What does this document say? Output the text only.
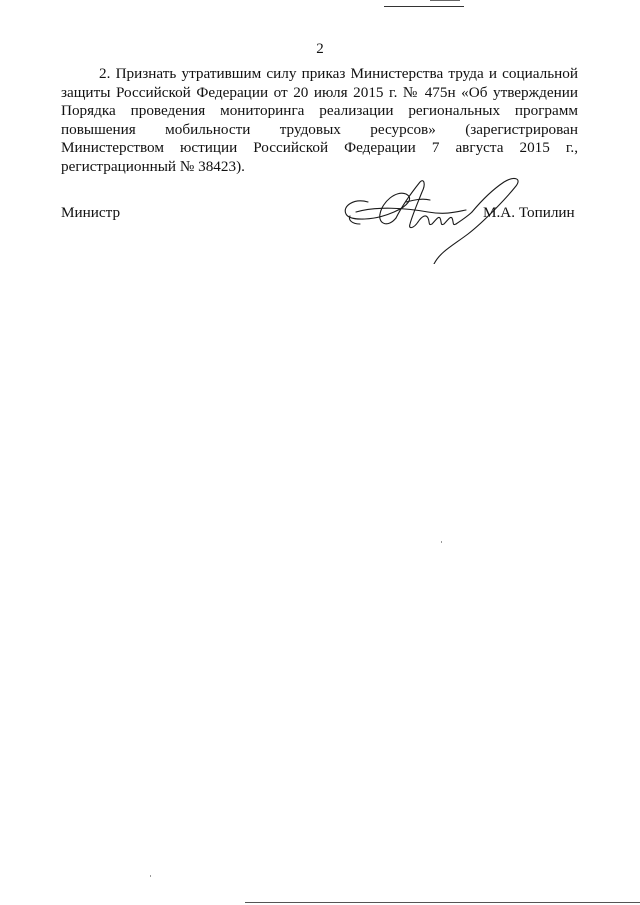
2

2. Признать утратившим силу приказ Министерства труда и социальной защиты Российской Федерации от 20 июля 2015 г. № 475н «Об утверждении Порядка проведения мониторинга реализации региональных программ повышения мобильности трудовых ресурсов» (зарегистрирован Министерством юстиции Российской Федерации 7 августа 2015 г., регистрационный № 38423).

Министр	М.А. Топилин
